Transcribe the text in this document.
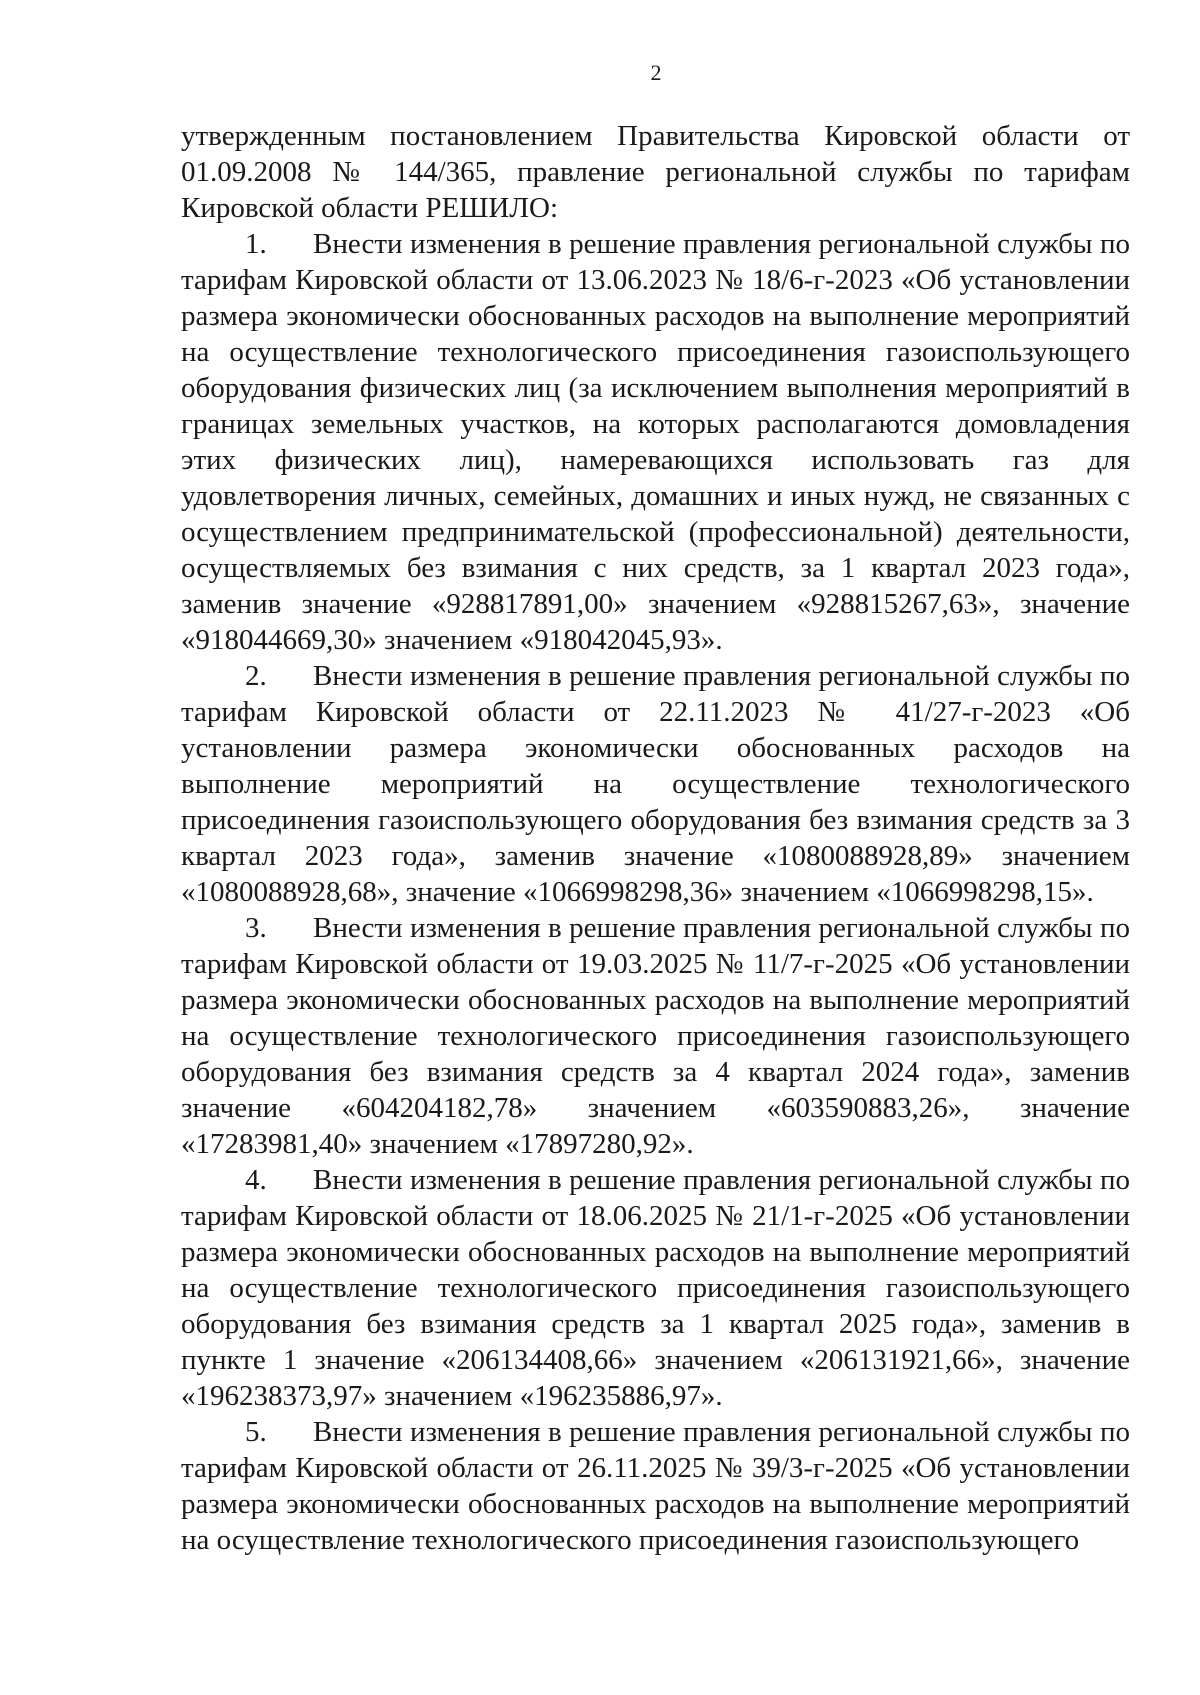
2

утвержденным постановлением Правительства Кировской области от 01.09.2008 № 144/365, правление региональной службы по тарифам Кировской области РЕШИЛО:

1. Внести изменения в решение правления региональной службы по тарифам Кировской области от 13.06.2023 № 18/6-г-2023 «Об установлении размера экономически обоснованных расходов на выполнение мероприятий на осуществление технологического присоединения газоиспользующего оборудования физических лиц (за исключением выполнения мероприятий в границах земельных участков, на которых располагаются домовладения этих физических лиц), намеревающихся использовать газ для удовлетворения личных, семейных, домашних и иных нужд, не связанных с осуществлением предпринимательской (профессиональной) деятельности, осуществляемых без взимания с них средств, за 1 квартал 2023 года», заменив значение «928817891,00» значением «928815267,63», значение «918044669,30» значением «918042045,93».

2. Внести изменения в решение правления региональной службы по тарифам Кировской области от 22.11.2023 № 41/27-г-2023 «Об установлении размера экономически обоснованных расходов на выполнение мероприятий на осуществление технологического присоединения газоиспользующего оборудования без взимания средств за 3 квартал 2023 года», заменив значение «1080088928,89» значением «1080088928,68», значение «1066998298,36» значением «1066998298,15».

3. Внести изменения в решение правления региональной службы по тарифам Кировской области от 19.03.2025 № 11/7-г-2025 «Об установлении размера экономически обоснованных расходов на выполнение мероприятий на осуществление технологического присоединения газоиспользующего оборудования без взимания средств за 4 квартал 2024 года», заменив значение «604204182,78» значением «603590883,26», значение «17283981,40» значением «17897280,92».

4. Внести изменения в решение правления региональной службы по тарифам Кировской области от 18.06.2025 № 21/1-г-2025 «Об установлении размера экономически обоснованных расходов на выполнение мероприятий на осуществление технологического присоединения газоиспользующего оборудования без взимания средств за 1 квартал 2025 года», заменив в пункте 1 значение «206134408,66» значением «206131921,66», значение «196238373,97» значением «196235886,97».

5. Внести изменения в решение правления региональной службы по тарифам Кировской области от 26.11.2025 № 39/3-г-2025 «Об установлении размера экономически обоснованных расходов на выполнение мероприятий на осуществление технологического присоединения газоиспользующего
